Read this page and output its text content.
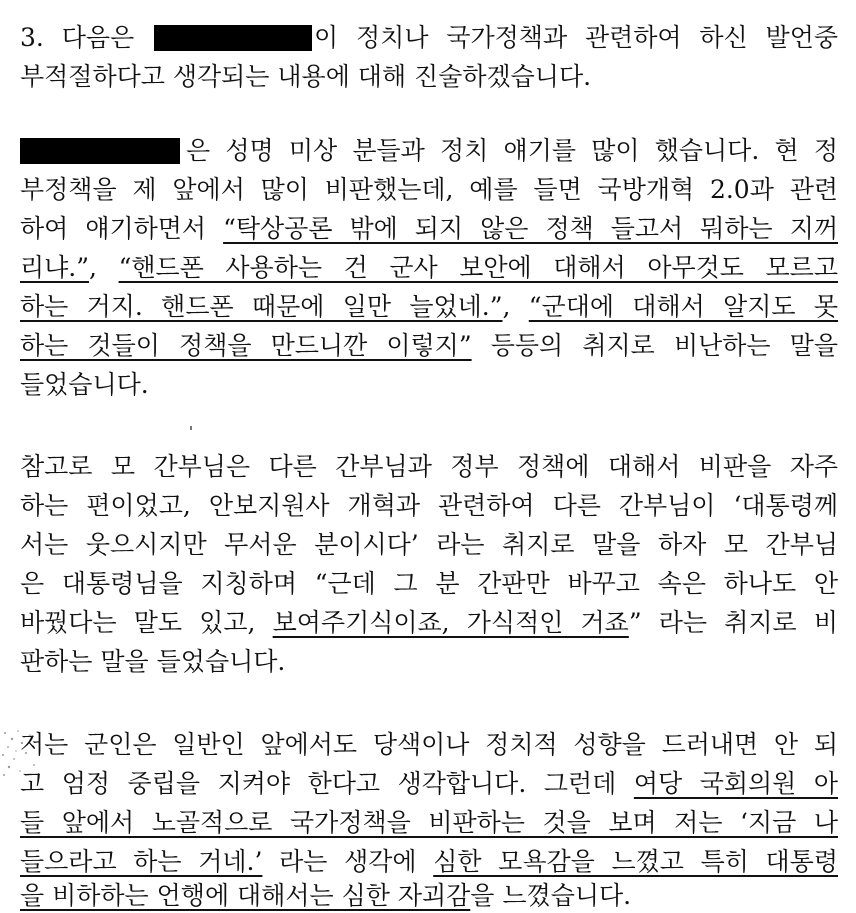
3. 다음은	이 정치나 국가정책과 관련하여 하신 발언중
부적절하다고 생각되는 내용에 대해 진술하겠습니다.
은 성명 미상 분들과 정치 얘기를 많이 했습니다. 현 정
부정책을 제 앞에서 많이 비판했는데, 예를 들면 국방개혁 2.0과 관련
하여 얘기하면서 “탁상공론 밖에 되지 않은 정책 들고서 뭐하는 지꺼
리냐.”, “핸드폰 사용하는 건 군사 보안에 대해서 아무것도 모르고
하는 거지. 핸드폰 때문에 일만 늘었네.”, “군대에 대해서 알지도 못
하는 것들이 정책을 만드니깐 이렇지” 등등의 취지로 비난하는 말을
들었습니다.
참고로 모 간부님은 다른 간부님과 정부 정책에 대해서 비판을 자주
하는 편이었고, 안보지원사 개혁과 관련하여 다른 간부님이 ‘대통령께
서는 웃으시지만 무서운 분이시다’ 라는 취지로 말을 하자 모 간부님
은 대통령님을 지칭하며 “근데 그 분 간판만 바꾸고 속은 하나도 안
바꿨다는 말도 있고, 보여주기식이죠, 가식적인 거죠” 라는 취지로 비
판하는 말을 들었습니다.
저는 군인은 일반인 앞에서도 당색이나 정치적 성향을 드러내면 안 되
고 엄정 중립을 지켜야 한다고 생각합니다. 그런데 여당 국회의원 아
들 앞에서 노골적으로 국가정책을 비판하는 것을 보며 저는 ‘지금 나
들으라고 하는 거네.’ 라는 생각에 심한 모욕감을 느꼈고 특히 대통령
을 비하하는 언행에 대해서는 심한 자괴감을 느꼈습니다.
